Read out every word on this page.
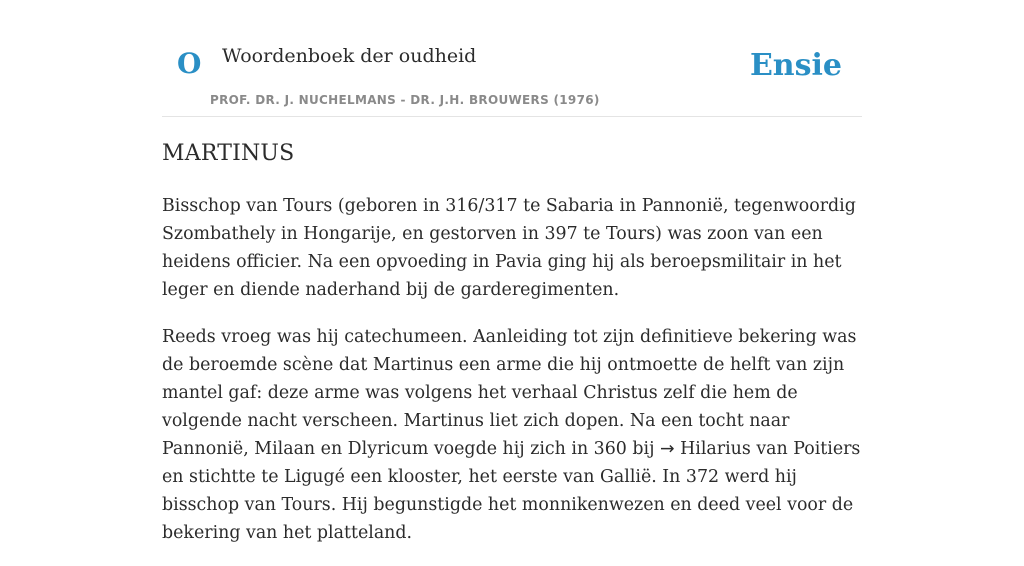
O Woordenboek der oudheid
PROF. DR. J. NUCHELMANS - DR. J.H. BROUWERS (1976)
Ensie
MARTINUS

Bisschop van Tours (geboren in 316/317 te Sabaria in Pannonië, tegenwoordig Szombathely in Hongarije, en gestorven in 397 te Tours) was zoon van een heidens officier. Na een opvoeding in Pavia ging hij als beroepsmilitair in het leger en diende naderhand bij de garderegimenten.

Reeds vroeg was hij catechumeen. Aanleiding tot zijn definitieve bekering was de beroemde scène dat Martinus een arme die hij ontmoette de helft van zijn mantel gaf: deze arme was volgens het verhaal Christus zelf die hem de volgende nacht verscheen. Martinus liet zich dopen. Na een tocht naar Pannonië, Milaan en Dlyricum voegde hij zich in 360 bij → Hilarius van Poitiers en stichtte te Ligugé een klooster, het eerste van Gallië. In 372 werd hij bisschop van Tours. Hij begunstigde het monnikenwezen en deed veel voor de bekering van het platteland.
